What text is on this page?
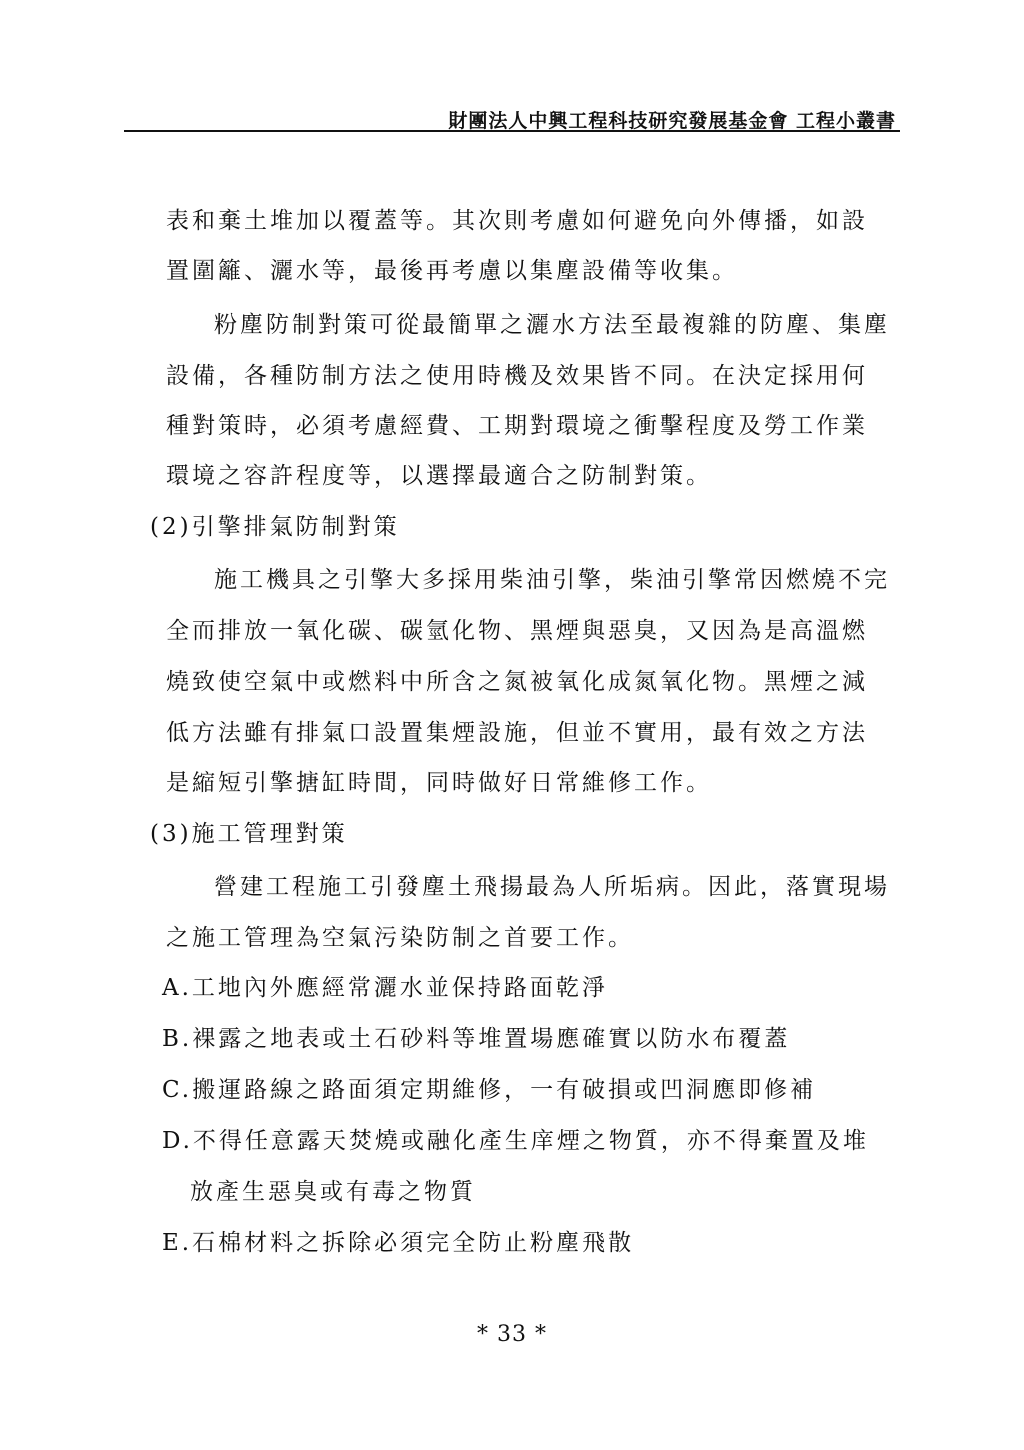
財團法人中興工程科技研究發展基金會 工程小叢書
表和棄土堆加以覆蓋等。其次則考慮如何避免向外傳播，如設
置圍籬、灑水等，最後再考慮以集塵設備等收集。
粉塵防制對策可從最簡單之灑水方法至最複雜的防塵、集塵
設備，各種防制方法之使用時機及效果皆不同。在決定採用何
種對策時，必須考慮經費、工期對環境之衝擊程度及勞工作業
環境之容許程度等，以選擇最適合之防制對策。
(2)引擎排氣防制對策
施工機具之引擎大多採用柴油引擎，柴油引擎常因燃燒不完
全而排放一氧化碳、碳氫化物、黑煙與惡臭，又因為是高溫燃
燒致使空氣中或燃料中所含之氮被氧化成氮氧化物。黑煙之減
低方法雖有排氣口設置集煙設施，但並不實用，最有效之方法
是縮短引擎搪缸時間，同時做好日常維修工作。
(3)施工管理對策
營建工程施工引發塵土飛揚最為人所垢病。因此，落實現場
之施工管理為空氣污染防制之首要工作。
A.工地內外應經常灑水並保持路面乾淨
B.裸露之地表或土石砂料等堆置場應確實以防水布覆蓋
C.搬運路線之路面須定期維修，一有破損或凹洞應即修補
D.不得任意露天焚燒或融化產生庠煙之物質，亦不得棄置及堆
放產生惡臭或有毒之物質
E.石棉材料之拆除必須完全防止粉塵飛散
* 33 *
